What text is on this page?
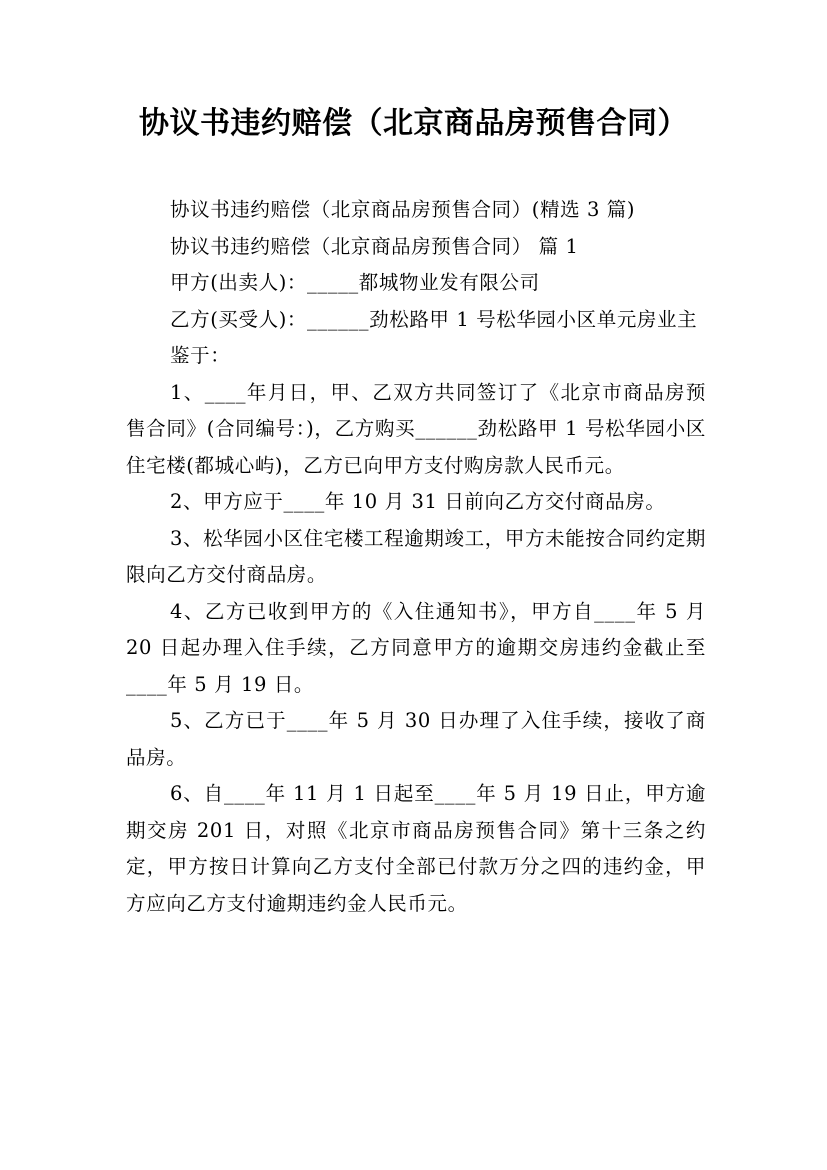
协议书违约赔偿（北京商品房预售合同）

协议书违约赔偿（北京商品房预售合同）(精选 3 篇)

协议书违约赔偿（北京商品房预售合同） 篇 1

甲方(出卖人)：_____都城物业发有限公司

乙方(买受人)：______劲松路甲 1 号松华园小区单元房业主

鉴于：

1、____年月日，甲、乙双方共同签订了《北京市商品房预售合同》(合同编号：)，乙方购买______劲松路甲 1 号松华园小区住宅楼(都城心屿)，乙方已向甲方支付购房款人民币元。

2、甲方应于____年 10 月 31 日前向乙方交付商品房。

3、松华园小区住宅楼工程逾期竣工，甲方未能按合同约定期限向乙方交付商品房。

4、乙方已收到甲方的《入住通知书》，甲方自____年 5 月 20 日起办理入住手续，乙方同意甲方的逾期交房违约金截止至____年 5 月 19 日。

5、乙方已于____年 5 月 30 日办理了入住手续，接收了商品房。

6、自____年 11 月 1 日起至____年 5 月 19 日止，甲方逾期交房 201 日，对照《北京市商品房预售合同》第十三条之约定，甲方按日计算向乙方支付全部已付款万分之四的违约金，甲方应向乙方支付逾期违约金人民币元。
